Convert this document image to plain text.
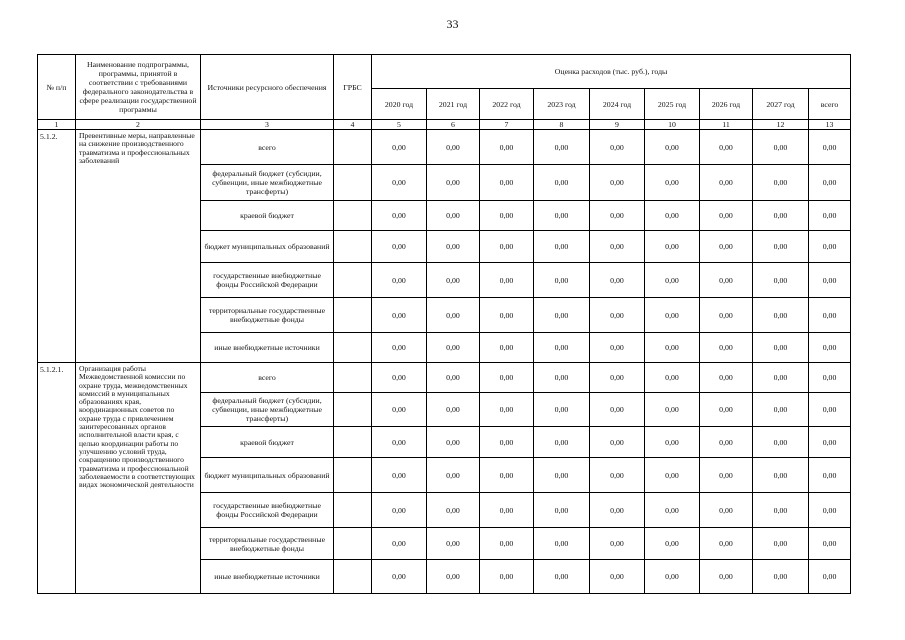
33
№ п/п	Наименование подпрограммы, программы, принятой в соответствии с требованиями федерального законодательства в сфере реализации государственной программы	Источники ресурсного обеспечения	ГРБС	Оценка расходов (тыс. руб.), годы								
				2020 год	2021 год	2022 год	2023 год	2024 год	2025 год	2026 год	2027 год	всего
1	2	3	4	5	6	7	8	9	10	11	12	13
5.1.2.	Превентивные меры, направленные на снижение производственного травматизма и профессиональных заболеваний	всего		0,00	0,00	0,00	0,00	0,00	0,00	0,00	0,00	0,00
		федеральный бюджет (субсидии, субвенции, иные межбюджетные трансферты)		0,00	0,00	0,00	0,00	0,00	0,00	0,00	0,00	0,00
		краевой бюджет		0,00	0,00	0,00	0,00	0,00	0,00	0,00	0,00	0,00
		бюджет муниципальных образований		0,00	0,00	0,00	0,00	0,00	0,00	0,00	0,00	0,00
		государственные внебюджетные фонды Российской Федерации		0,00	0,00	0,00	0,00	0,00	0,00	0,00	0,00	0,00
		территориальные государственные внебюджетные фонды		0,00	0,00	0,00	0,00	0,00	0,00	0,00	0,00	0,00
		иные внебюджетные источники		0,00	0,00	0,00	0,00	0,00	0,00	0,00	0,00	0,00
5.1.2.1.	Организация работы Межведомственной комиссии по охране труда, межведомственных комиссий в муниципальных образованиях края, координационных советов по охране труда с привлечением заинтересованных органов исполнительной власти края, с целью координации работы по улучшению условий труда, сокращению производственного травматизма и профессиональной заболеваемости в соответствующих видах экономической деятельности	всего		0,00	0,00	0,00	0,00	0,00	0,00	0,00	0,00	0,00
		федеральный бюджет (субсидии, субвенции, иные межбюджетные трансферты)		0,00	0,00	0,00	0,00	0,00	0,00	0,00	0,00	0,00
		краевой бюджет		0,00	0,00	0,00	0,00	0,00	0,00	0,00	0,00	0,00
		бюджет муниципальных образований		0,00	0,00	0,00	0,00	0,00	0,00	0,00	0,00	0,00
		государственные внебюджетные фонды Российской Федерации		0,00	0,00	0,00	0,00	0,00	0,00	0,00	0,00	0,00
		территориальные государственные внебюджетные фонды		0,00	0,00	0,00	0,00	0,00	0,00	0,00	0,00	0,00
		иные внебюджетные источники		0,00	0,00	0,00	0,00	0,00	0,00	0,00	0,00	0,00
